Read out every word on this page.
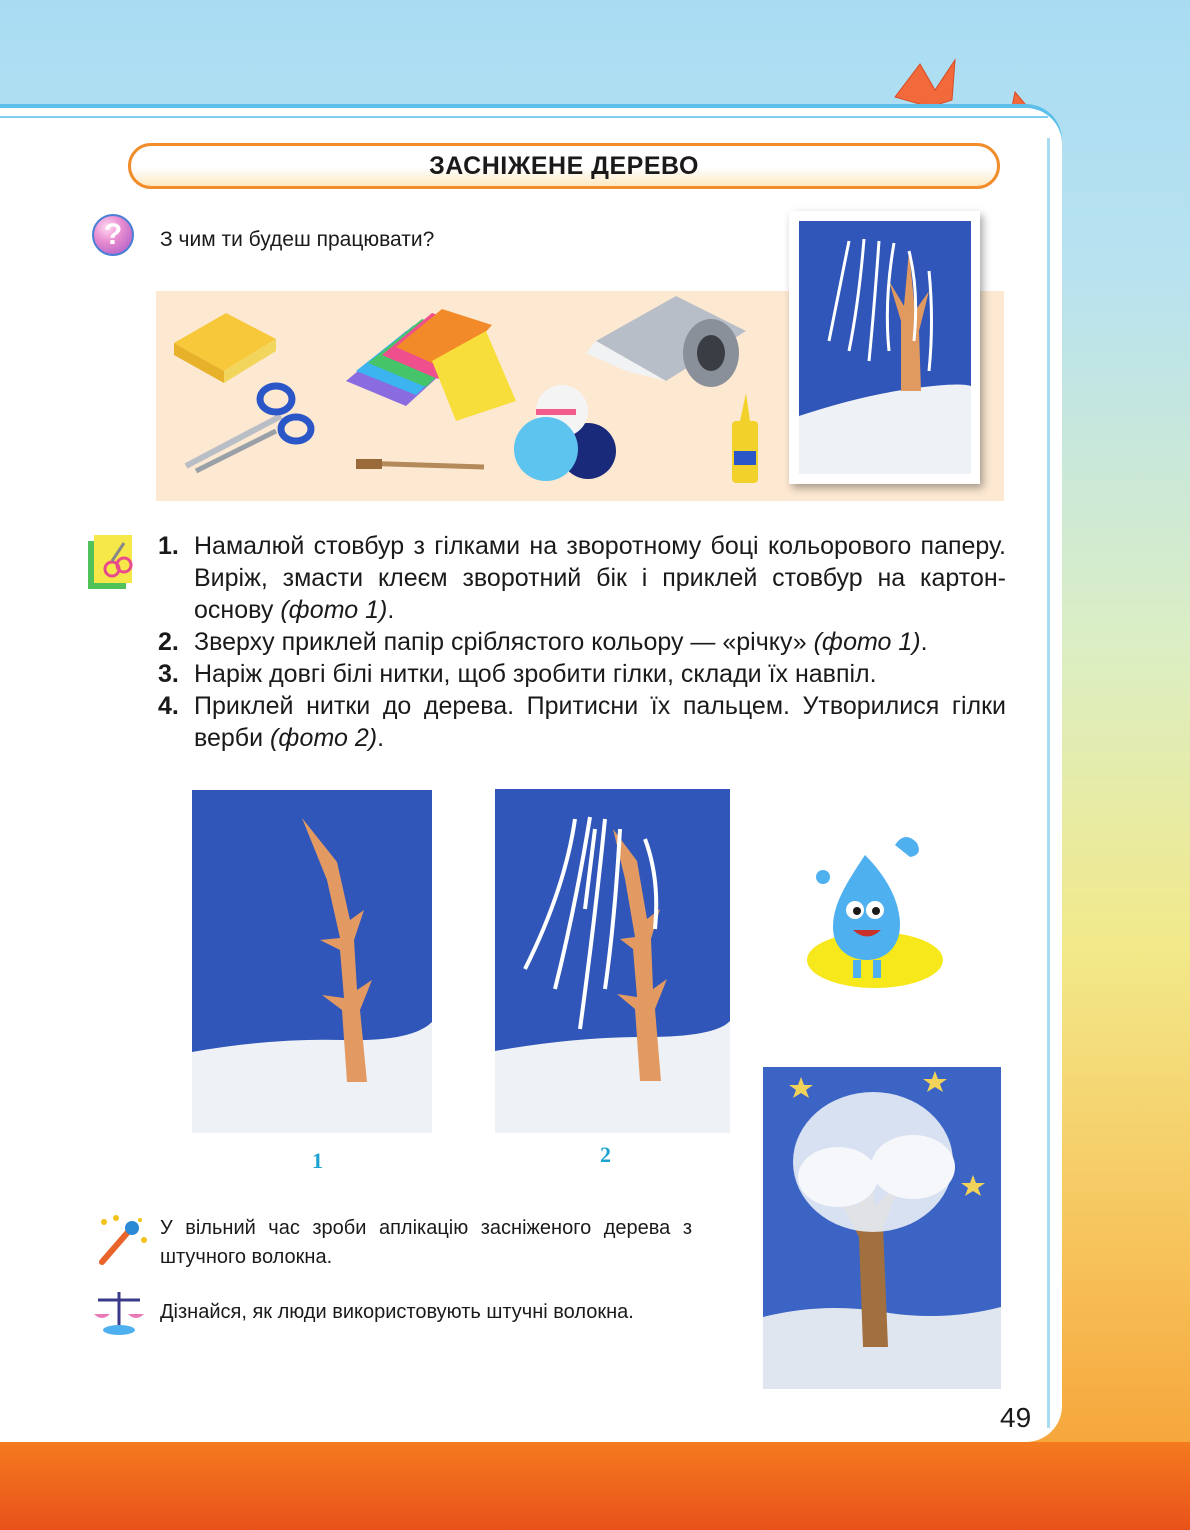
ЗАСНІЖЕНЕ ДЕРЕВО
?	З чим ти будеш працювати?
1. Намалюй стовбур з гілками на зворотному боці кольорового паперу. Виріж, змасти клеєм зворотний бік і приклей стовбур на картон-основу (фото 1).
2. Зверху приклей папір сріблястого кольору — «річку» (фото 1).
3. Наріж довгі білі нитки, щоб зробити гілки, склади їх навпіл.
4. Приклей нитки до дерева. Притисни їх пальцем. Утворилися гілки верби (фото 2).
1	2
У вільний час зроби аплікацію засніженого дерева з штучного волокна.
Дізнайся, як люди використовують штучні волокна.
49
